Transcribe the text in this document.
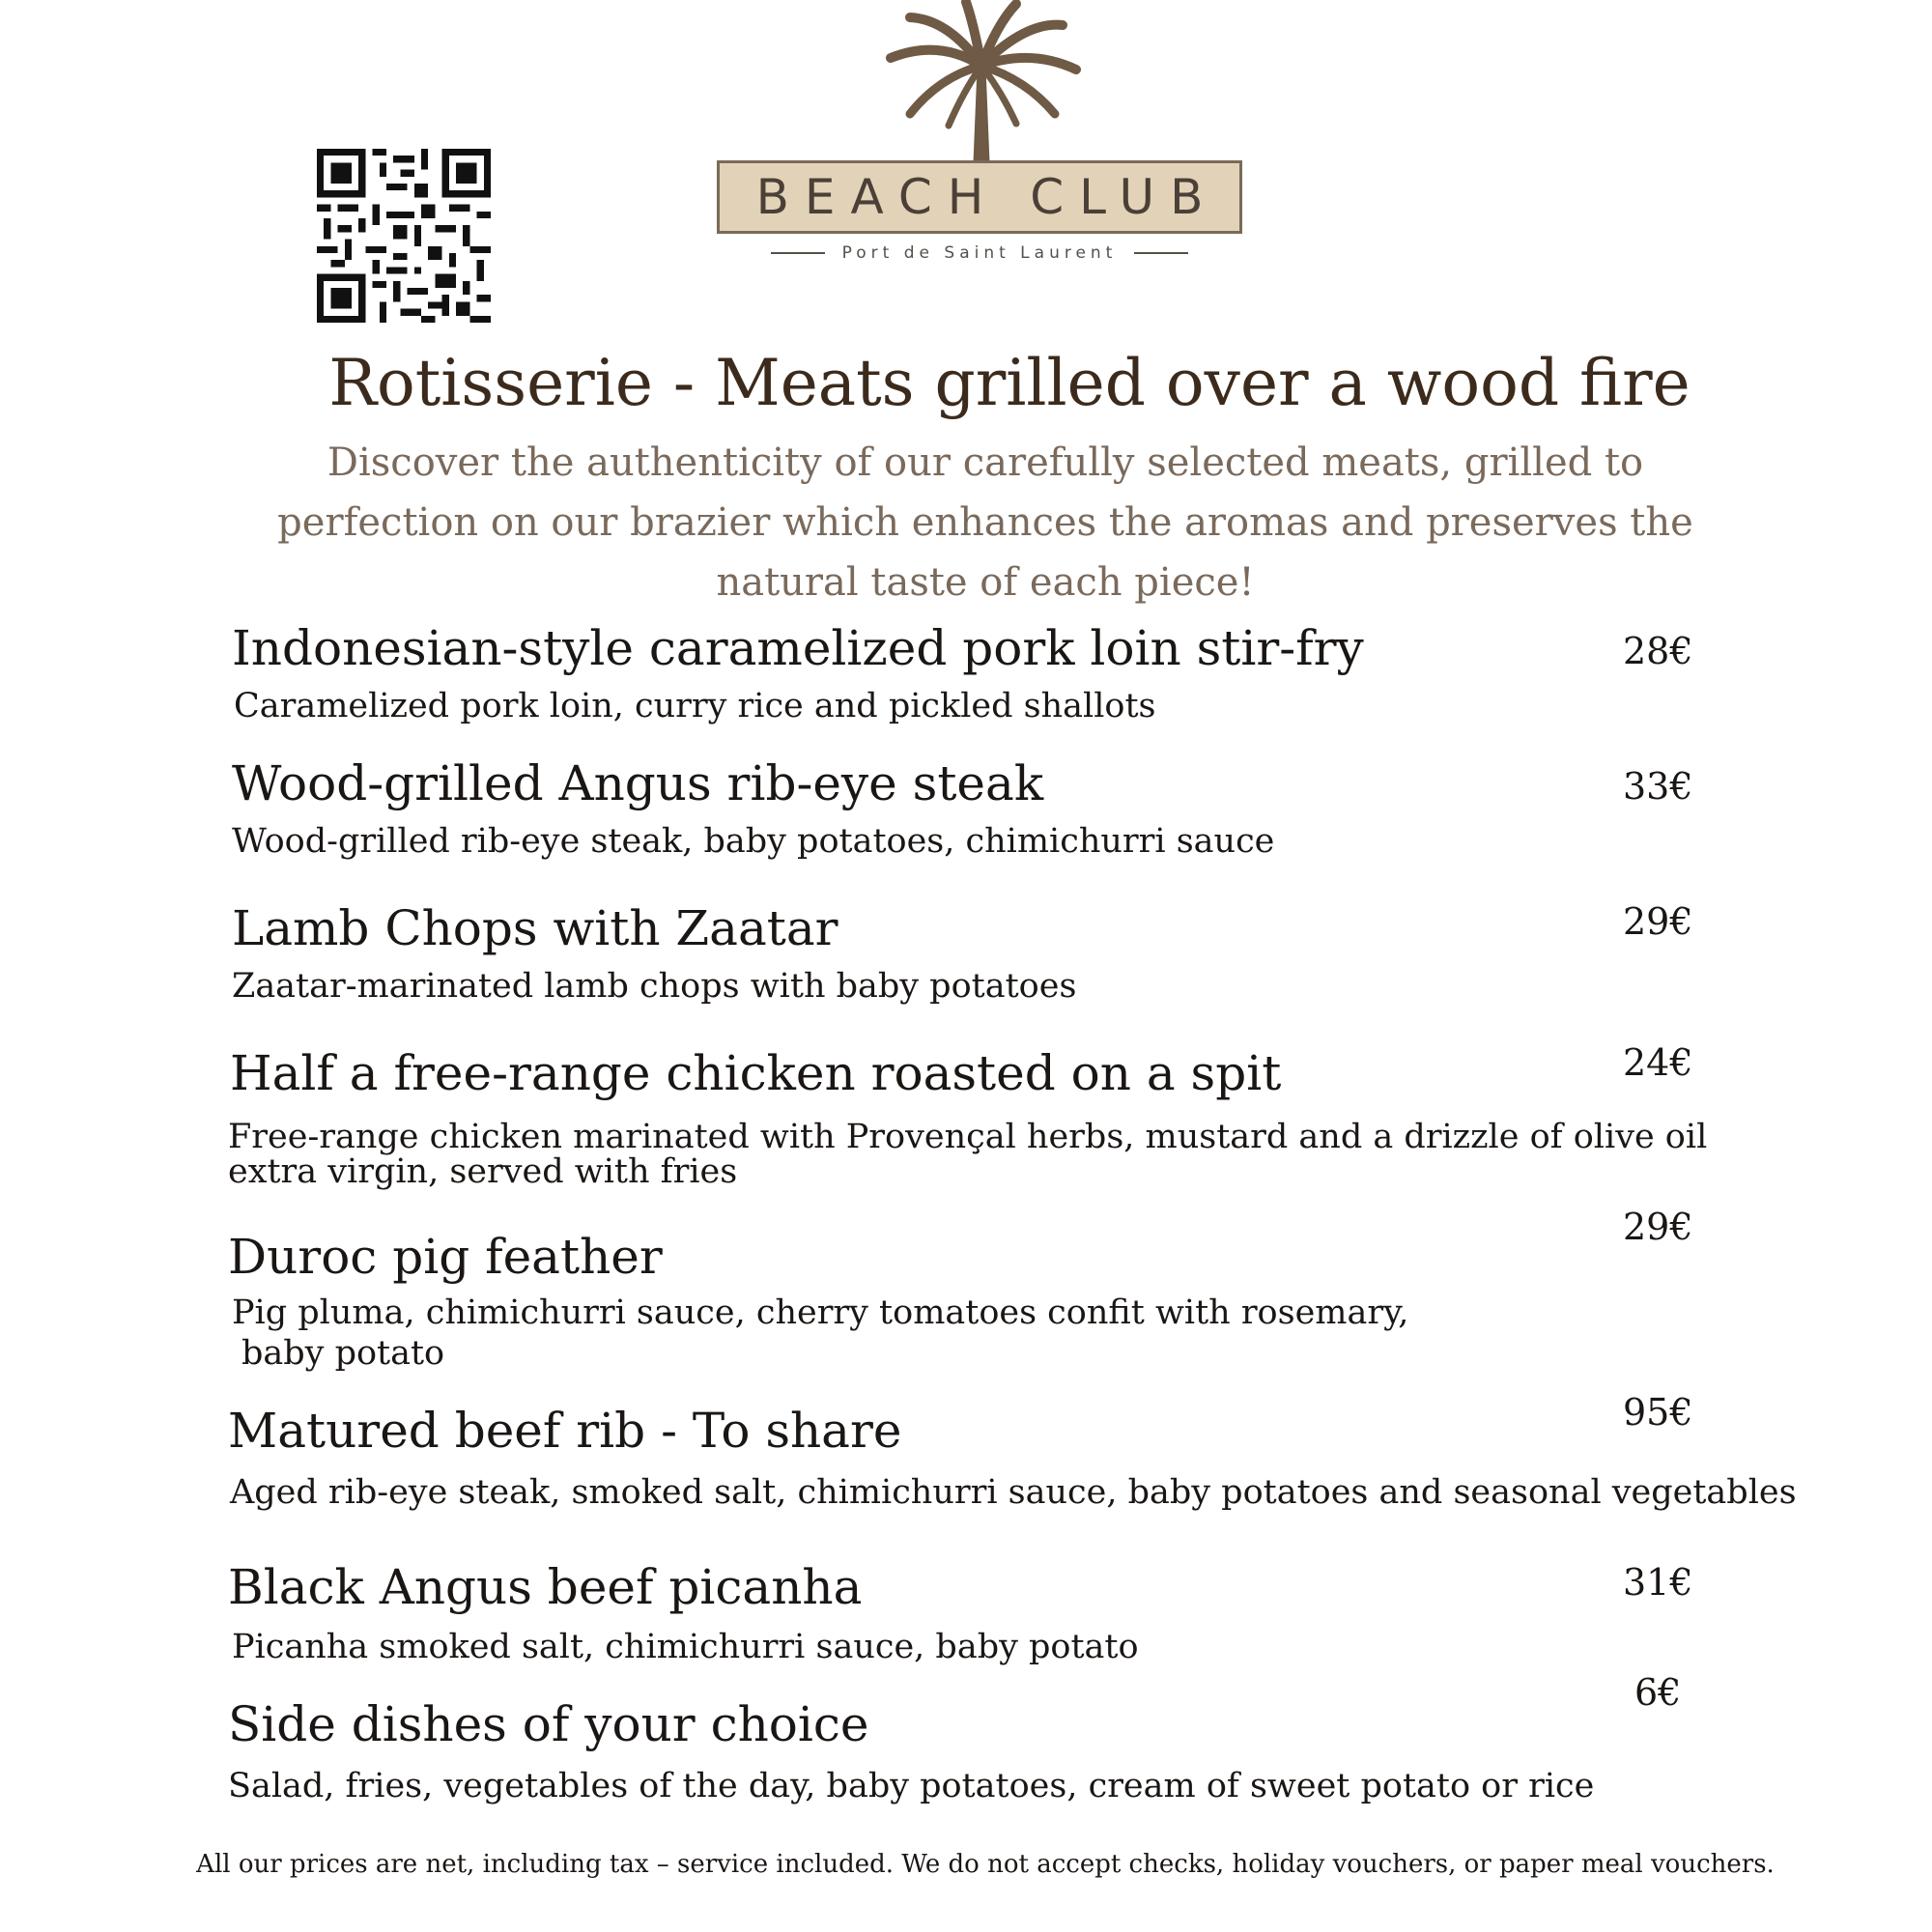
BEACH CLUB
Port de Saint Laurent
Rotisserie - Meats grilled over a wood fire
Discover the authenticity of our carefully selected meats, grilled to perfection on our brazier which enhances the aromas and preserves the natural taste of each piece!
Indonesian-style caramelized pork loin stir-fry
Caramelized pork loin, curry rice and pickled shallots
28€
Wood-grilled Angus rib-eye steak
Wood-grilled rib-eye steak, baby potatoes, chimichurri sauce
33€
Lamb Chops with Zaatar
Zaatar-marinated lamb chops with baby potatoes
29€
Half a free-range chicken roasted on a spit
Free-range chicken marinated with Provençal herbs, mustard and a drizzle of olive oil
extra virgin, served with fries
24€
Duroc pig feather
Pig pluma, chimichurri sauce, cherry tomatoes confit with rosemary,
baby potato
29€
Matured beef rib - To share
Aged rib-eye steak, smoked salt, chimichurri sauce, baby potatoes and seasonal vegetables
95€
Black Angus beef picanha
Picanha smoked salt, chimichurri sauce, baby potato
31€
Side dishes of your choice
Salad, fries, vegetables of the day, baby potatoes, cream of sweet potato or rice
6€
All our prices are net, including tax – service included. We do not accept checks, holiday vouchers, or paper meal vouchers.
